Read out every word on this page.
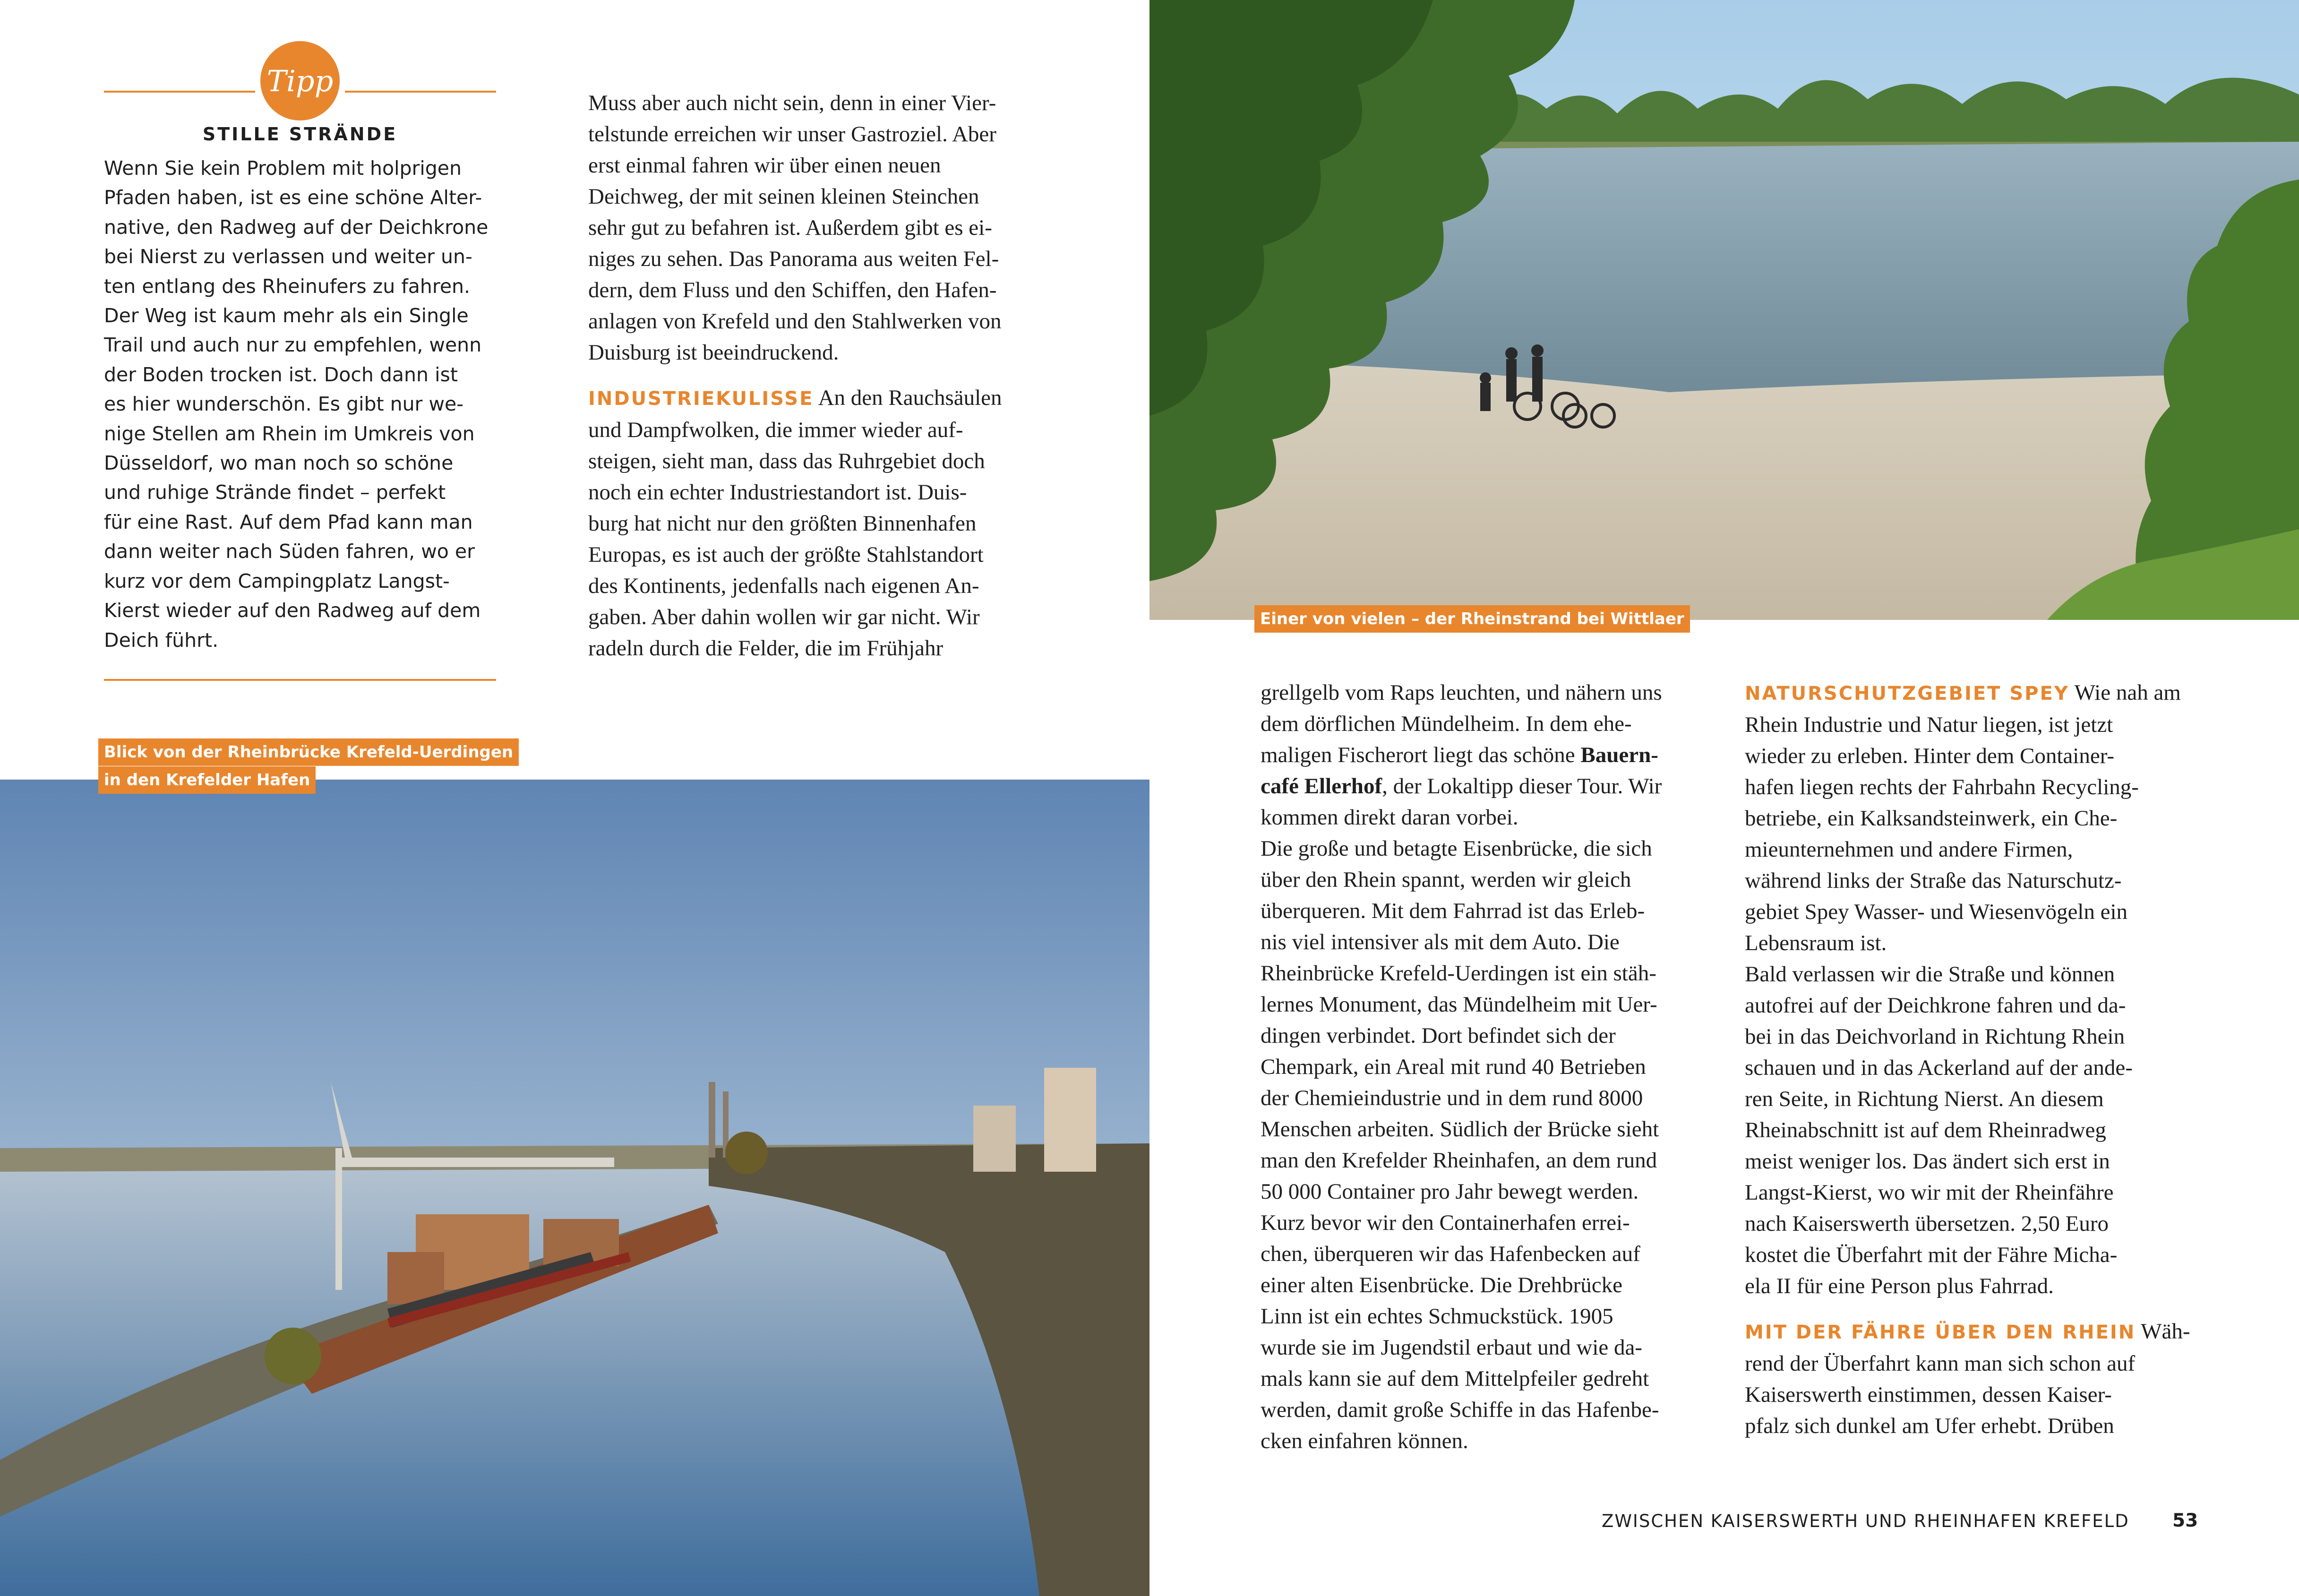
Tipp
STILLE STRÄNDE
Wenn Sie kein Problem mit holprigen
Pfaden haben, ist es eine schöne Alter-
native, den Radweg auf der Deichkrone
bei Nierst zu verlassen und weiter un-
ten entlang des Rheinufers zu fahren.
Der Weg ist kaum mehr als ein Single
Trail und auch nur zu empfehlen, wenn
der Boden trocken ist. Doch dann ist
es hier wunderschön. Es gibt nur we-
nige Stellen am Rhein im Umkreis von
Düsseldorf, wo man noch so schöne
und ruhige Strände findet – perfekt
für eine Rast. Auf dem Pfad kann man
dann weiter nach Süden fahren, wo er
kurz vor dem Campingplatz Langst-
Kierst wieder auf den Radweg auf dem
Deich führt.
Muss aber auch nicht sein, denn in einer Vier-
telstunde erreichen wir unser Gastroziel. Aber
erst einmal fahren wir über einen neuen
Deichweg, der mit seinen kleinen Steinchen
sehr gut zu befahren ist. Außerdem gibt es ei-
niges zu sehen. Das Panorama aus weiten Fel-
dern, dem Fluss und den Schiffen, den Hafen-
anlagen von Krefeld und den Stahlwerken von
Duisburg ist beeindruckend.

INDUSTRIEKULISSE An den Rauchsäulen
und Dampfwolken, die immer wieder auf-
steigen, sieht man, dass das Ruhrgebiet doch
noch ein echter Industriestandort ist. Duis-
burg hat nicht nur den größten Binnenhafen
Europas, es ist auch der größte Stahlstandort
des Kontinents, jedenfalls nach eigenen An-
gaben. Aber dahin wollen wir gar nicht. Wir
radeln durch die Felder, die im Frühjahr
Einer von vielen – der Rheinstrand bei Wittlaer
Blick von der Rheinbrücke Krefeld-Uerdingen
in den Krefelder Hafen
grellgelb vom Raps leuchten, und nähern uns
dem dörflichen Mündelheim. In dem ehe-
maligen Fischerort liegt das schöne Bauern-
café Ellerhof, der Lokaltipp dieser Tour. Wir
kommen direkt daran vorbei.
Die große und betagte Eisenbrücke, die sich
über den Rhein spannt, werden wir gleich
überqueren. Mit dem Fahrrad ist das Erleb-
nis viel intensiver als mit dem Auto. Die
Rheinbrücke Krefeld-Uerdingen ist ein stäh-
lernes Monument, das Mündelheim mit Uer-
dingen verbindet. Dort befindet sich der
Chempark, ein Areal mit rund 40 Betrieben
der Chemieindustrie und in dem rund 8000
Menschen arbeiten. Südlich der Brücke sieht
man den Krefelder Rheinhafen, an dem rund
50 000 Container pro Jahr bewegt werden.
Kurz bevor wir den Containerhafen errei-
chen, überqueren wir das Hafenbecken auf
einer alten Eisenbrücke. Die Drehbrücke
Linn ist ein echtes Schmuckstück. 1905
wurde sie im Jugendstil erbaut und wie da-
mals kann sie auf dem Mittelpfeiler gedreht
werden, damit große Schiffe in das Hafenbe-
cken einfahren können.
NATURSCHUTZGEBIET SPEY Wie nah am
Rhein Industrie und Natur liegen, ist jetzt
wieder zu erleben. Hinter dem Container-
hafen liegen rechts der Fahrbahn Recycling-
betriebe, ein Kalksandsteinwerk, ein Che-
mieunternehmen und andere Firmen,
während links der Straße das Naturschutz-
gebiet Spey Wasser- und Wiesenvögeln ein
Lebensraum ist.
Bald verlassen wir die Straße und können
autofrei auf der Deichkrone fahren und da-
bei in das Deichvorland in Richtung Rhein
schauen und in das Ackerland auf der ande-
ren Seite, in Richtung Nierst. An diesem
Rheinabschnitt ist auf dem Rheinradweg
meist weniger los. Das ändert sich erst in
Langst-Kierst, wo wir mit der Rheinfähre
nach Kaiserswerth übersetzen. 2,50 Euro
kostet die Überfahrt mit der Fähre Micha-
ela II für eine Person plus Fahrrad.

MIT DER FÄHRE ÜBER DEN RHEIN Wäh-
rend der Überfahrt kann man sich schon auf
Kaiserswerth einstimmen, dessen Kaiser-
pfalz sich dunkel am Ufer erhebt. Drüben
ZWISCHEN KAISERSWERTH UND RHEINHAFEN KREFELD 53
